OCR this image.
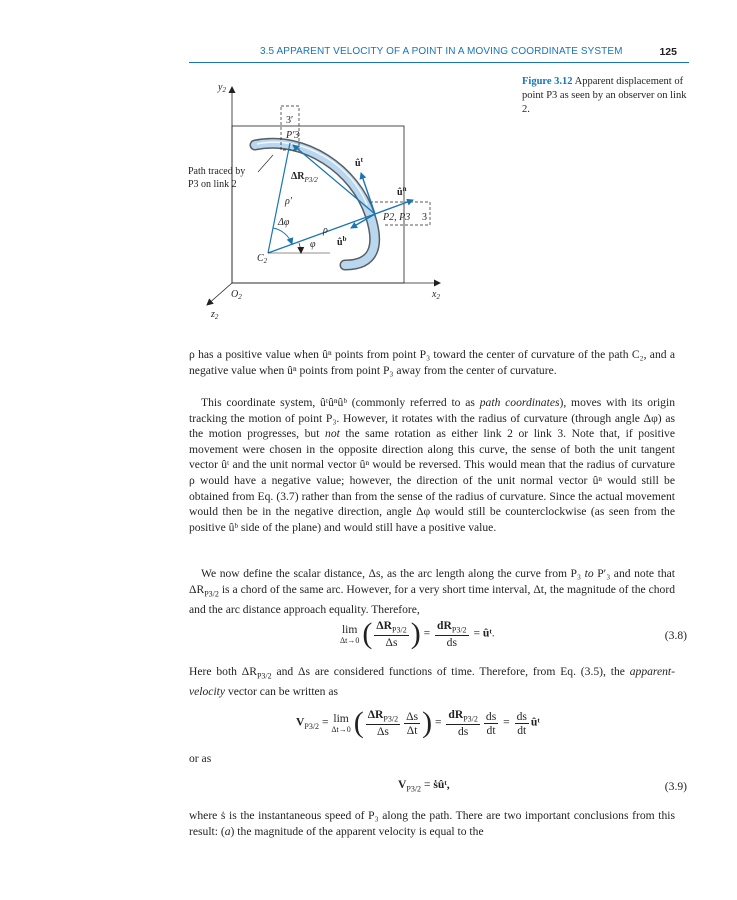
3.5 APPARENT VELOCITY OF A POINT IN A MOVING COORDINATE SYSTEM	125
Figure 3.12 Apparent displacement of point P3 as seen by an observer on link 2.
$y_2$
$x_2$
$z_2$
$O_2$
$C_2$
Path traced by
P3 on link 2
3′
P′3
$\Delta R_{P3/2}$
ρ′
Δφ
ρ
φ
$û^t$
$û^n$
$û^b$
P2, P3 3
ρ has a positive value when ûⁿ points from point P₃ toward the center of curvature of the path C₂, and a negative value when ûⁿ points from point P₃ away from the center of curvature.
This coordinate system, ûᵗûⁿûᵇ (commonly referred to as path coordinates), moves with its origin tracking the motion of point P₃. However, it rotates with the radius of curvature (through angle Δφ) as the motion progresses, but not the same rotation as either link 2 or link 3. Note that, if positive movement were chosen in the opposite direction along this curve, the sense of both the unit tangent vector ûᵗ and the unit normal vector ûⁿ would be reversed. This would mean that the radius of curvature ρ would have a negative value; however, the direction of the unit normal vector ûⁿ would still be obtained from Eq. (3.7) rather than from the sense of the radius of curvature. Since the actual movement would then be in the negative direction, angle Δφ would still be counterclockwise (as seen from the positive ûᵇ side of the plane) and would still have a positive value.
We now define the scalar distance, Δs, as the arc length along the curve from P₃ to P′₃ and note that $\Delta R_{P3/2}$ is a chord of the same arc. However, for a very short time interval, Δt, the magnitude of the chord and the arc distance approach equality. Therefore,
lim
Δt→0 ( $\frac{\Delta R_{P3/2}}{\Delta s}$ ) = $\frac{dR_{P3/2}}{ds}$ = ûᵗ.	(3.8)
Here both $\Delta R_{P3/2}$ and Δs are considered functions of time. Therefore, from Eq. (3.5), the apparent-velocity vector can be written as
$V_{P3/2} = \lim$
Δt→0 ( $\frac{\Delta R_{P3/2}}{\Delta s} \frac{\Delta s}{\Delta t}$ ) = $\frac{dR_{P3/2}}{ds} \frac{ds}{dt} = \frac{ds}{dt}$ ûᵗ
or as
$V_{P3/2}$ = ṡûᵗ,	(3.9)
where ṡ is the instantaneous speed of P₃ along the path. There are two important conclusions from this result: (a) the magnitude of the apparent velocity is equal to the
